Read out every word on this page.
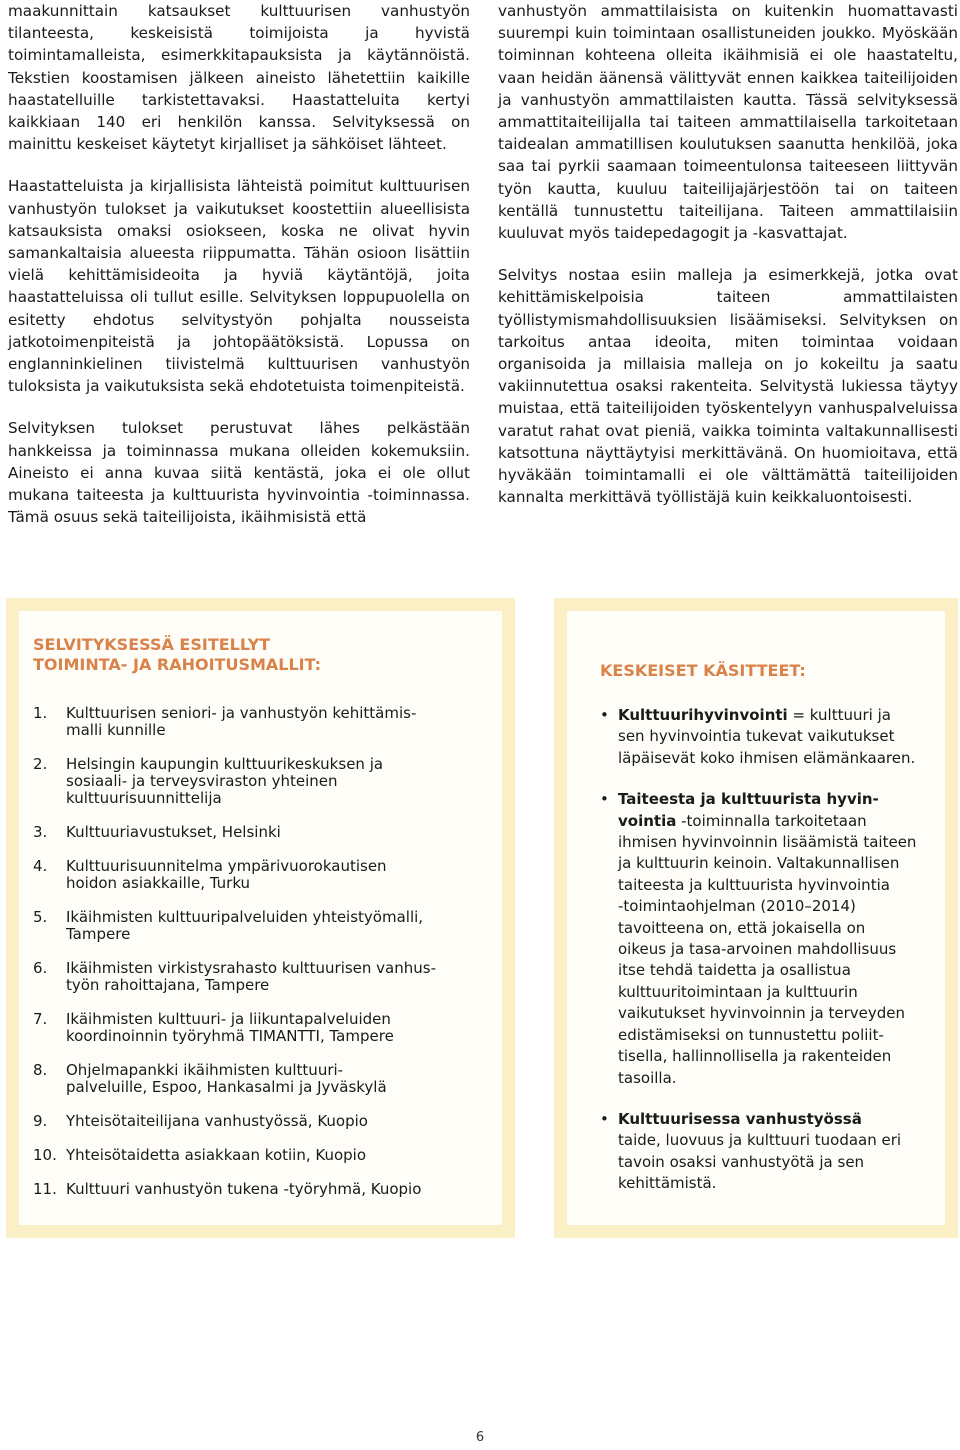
maakunnittain katsaukset kulttuurisen vanhustyön tilanteesta, keskeisistä toimijoista ja hyvistä toimintamalleista, esimerkkitapauksista ja käytännöistä. Tekstien koostamisen jälkeen aineisto lähetettiin kaikille haastatelluille tarkistettavaksi. Haastatteluita kertyi kaikkiaan 140 eri henkilön kanssa. Selvityksessä on mainittu keskeiset käytetyt kirjalliset ja sähköiset lähteet.

Haastatteluista ja kirjallisista lähteistä poimitut kulttuurisen vanhustyön tulokset ja vaikutukset koostettiin alueellisista katsauksista omaksi osiokseen, koska ne olivat hyvin samankaltaisia alueesta riippumatta. Tähän osioon lisättiin vielä kehittämisideoita ja hyviä käytäntöjä, joita haastatteluissa oli tullut esille. Selvityksen loppupuolella on esitetty ehdotus selvitystyön pohjalta nousseista jatkotoimenpiteistä ja johtopäätöksistä. Lopussa on englanninkielinen tiivistelmä kulttuurisen vanhustyön tuloksista ja vaikutuksista sekä ehdotetuista toimenpiteistä.

Selvityksen tulokset perustuvat lähes pelkästään hankkeissa ja toiminnassa mukana olleiden kokemuksiin. Aineisto ei anna kuvaa siitä kentästä, joka ei ole ollut mukana taiteesta ja kulttuurista hyvinvointia -toiminnassa. Tämä osuus sekä taiteilijoista, ikäihmisistä että

vanhustyön ammattilaisista on kuitenkin huomattavasti suurempi kuin toimintaan osallistuneiden joukko. Myöskään toiminnan kohteena olleita ikäihmisiä ei ole haastateltu, vaan heidän äänensä välittyvät ennen kaikkea taiteilijoiden ja vanhustyön ammattilaisten kautta. Tässä selvityksessä ammattitaiteilijalla tai taiteen ammattilaisella tarkoitetaan taidealan ammatillisen koulutuksen saanutta henkilöä, joka saa tai pyrkii saamaan toimeentulonsa taiteeseen liittyvän työn kautta, kuuluu taiteilijajärjestöön tai on taiteen kentällä tunnustettu taiteilijana. Taiteen ammattilaisiin kuuluvat myös taidepedagogit ja -kasvattajat.

Selvitys nostaa esiin malleja ja esimerkkejä, jotka ovat kehittämiskelpoisia taiteen ammattilaisten työllistymismahdollisuuksien lisäämiseksi. Selvityksen on tarkoitus antaa ideoita, miten toimintaa voidaan organisoida ja millaisia malleja on jo kokeiltu ja saatu vakiinnutettua osaksi rakenteita. Selvitystä lukiessa täytyy muistaa, että taiteilijoiden työskentelyyn vanhuspalveluissa varatut rahat ovat pieniä, vaikka toiminta valtakunnallisesti katsottuna näyttäytyisi merkittävänä. On huomioitava, että hyväkään toimintamalli ei ole välttämättä taiteilijoiden kannalta merkittävä työllistäjä kuin keikkaluontoisesti.

SELVITYKSESSÄ ESITELLYT
TOIMINTA- JA RAHOITUSMALLIT:
1.	Kulttuurisen seniori- ja vanhustyön kehittämis-
malli kunnille
2.	Helsingin kaupungin kulttuurikeskuksen ja
sosiaali- ja terveysviraston yhteinen
kulttuurisuunnittelija
3.	Kulttuuriavustukset, Helsinki
4.	Kulttuurisuunnitelma ympärivuorokautisen
hoidon asiakkaille, Turku
5.	Ikäihmisten kulttuuripalveluiden yhteistyömalli,
Tampere
6.	Ikäihmisten virkistysrahasto kulttuurisen vanhus-
työn rahoittajana, Tampere
7.	Ikäihmisten kulttuuri- ja liikuntapalveluiden
koordinoinnin työryhmä TIMANTTI, Tampere
8.	Ohjelmapankki ikäihmisten kulttuuri-
palveluille, Espoo, Hankasalmi ja Jyväskylä
9.	Yhteisötaiteilijana vanhustyössä, Kuopio
10. Yhteisötaidetta asiakkaan kotiin, Kuopio
11. Kulttuuri vanhustyön tukena -työryhmä, Kuopio
KESKEISET KÄSITTEET:
• Kulttuurihyvinvointi = kulttuuri ja
sen hyvinvointia tukevat vaikutukset
läpäisevät koko ihmisen elämänkaaren.
• Taiteesta ja kulttuurista hyvin-
vointia -toiminnalla tarkoitetaan
ihmisen hyvinvoinnin lisäämistä taiteen
ja kulttuurin keinoin. Valtakunnallisen
taiteesta ja kulttuurista hyvinvointia
-toimintaohjelman (2010–2014)
tavoitteena on, että jokaisella on
oikeus ja tasa-arvoinen mahdollisuus
itse tehdä taidetta ja osallistua
kulttuuritoimintaan ja kulttuurin
vaikutukset hyvinvoinnin ja terveyden
edistämiseksi on tunnustettu poliit-
tisella, hallinnollisella ja rakenteiden
tasoilla.
• Kulttuurisessa vanhustyössä
taide, luovuus ja kulttuuri tuodaan eri
tavoin osaksi vanhustyötä ja sen
kehittämistä.
6
